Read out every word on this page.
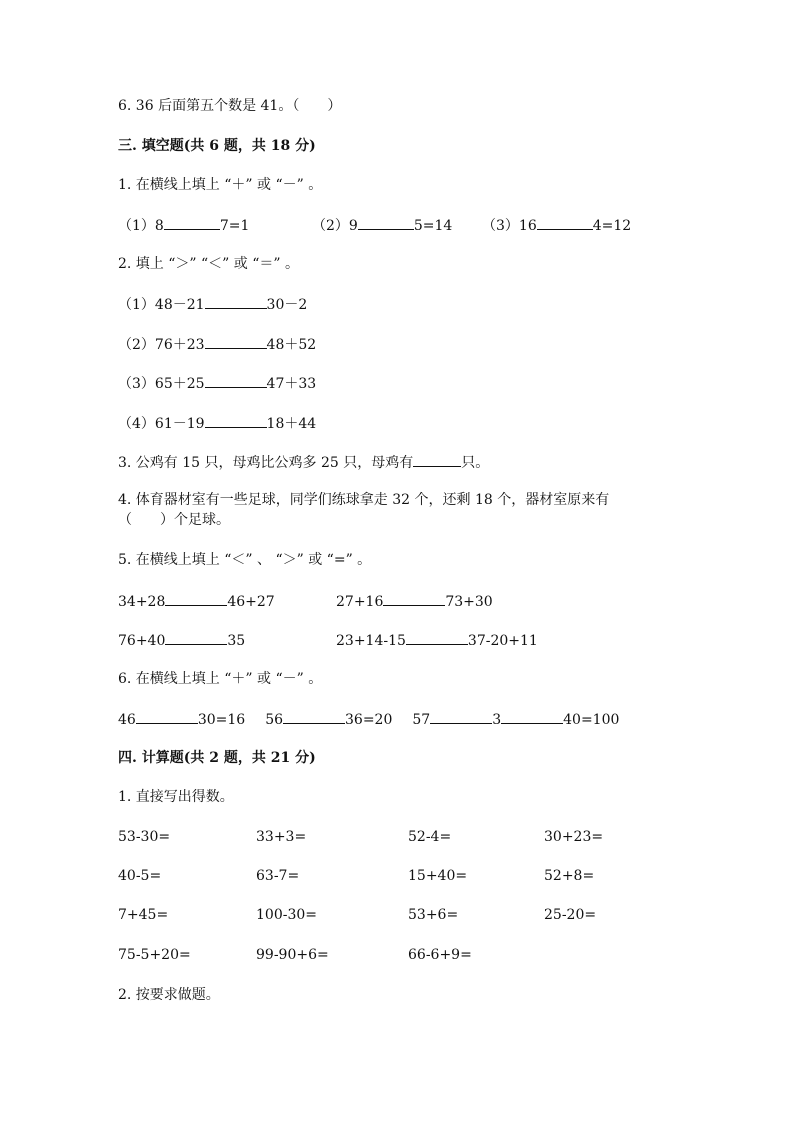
6. 36 后面第五个数是 41。（　　）
三. 填空题(共 6 题，共 18 分)
1. 在横线上填上 “＋” 或 “－” 。
（1）8	7=1	（2）9	5=14 （3）16	4=12
2. 填上 “＞” “＜” 或 “＝” 。
（1）48－21	30－2
（2）76＋23	48＋52
（3）65＋25	47＋33
（4）61－19	18＋44
3. 公鸡有 15 只，母鸡比公鸡多 25 只，母鸡有	只。
4. 体育器材室有一些足球，同学们练球拿走 32 个，还剩 18 个，器材室原来有
（　　）个足球。
5. 在横线上填上 “＜” 、 “＞” 或 “=” 。
34+28	46+27	27+16	73+30
76+40	35	23+14-15	37-20+11
6. 在横线上填上 “＋” 或 “－” 。
46	30=16 56	36=20 57	3	40=100
四. 计算题(共 2 题，共 21 分)
1. 直接写出得数。
53-30=	33+3=	52-4=	30+23=
40-5=	63-7=	15+40=	52+8=
7+45=	100-30=	53+6=	25-20=
75-5+20=	99-90+6=	66-6+9=
2. 按要求做题。
